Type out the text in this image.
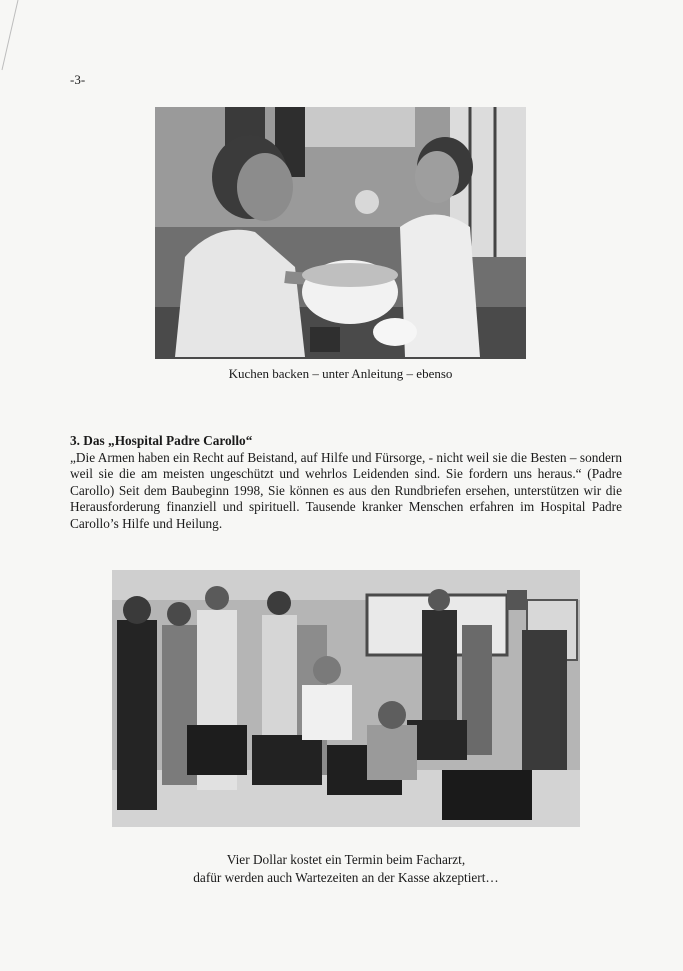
-3-
Kuchen backen – unter Anleitung – ebenso
3. Das „Hospital Padre Carollo“
„Die Armen haben ein Recht auf Beistand, auf Hilfe und Fürsorge, - nicht weil sie die Besten – sondern weil sie die am meisten ungeschützt und wehrlos Leidenden sind. Sie fordern uns heraus.“ (Padre Carollo) Seit dem Baubeginn 1998, Sie können es aus den Rundbriefen ersehen, unterstützen wir die Herausforderung finanziell und spirituell. Tausende kranker Menschen erfahren im Hospital Padre Carollo’s Hilfe und Heilung.
Vier Dollar kostet ein Termin beim Facharzt,
dafür werden auch Wartezeiten an der Kasse akzeptiert…
